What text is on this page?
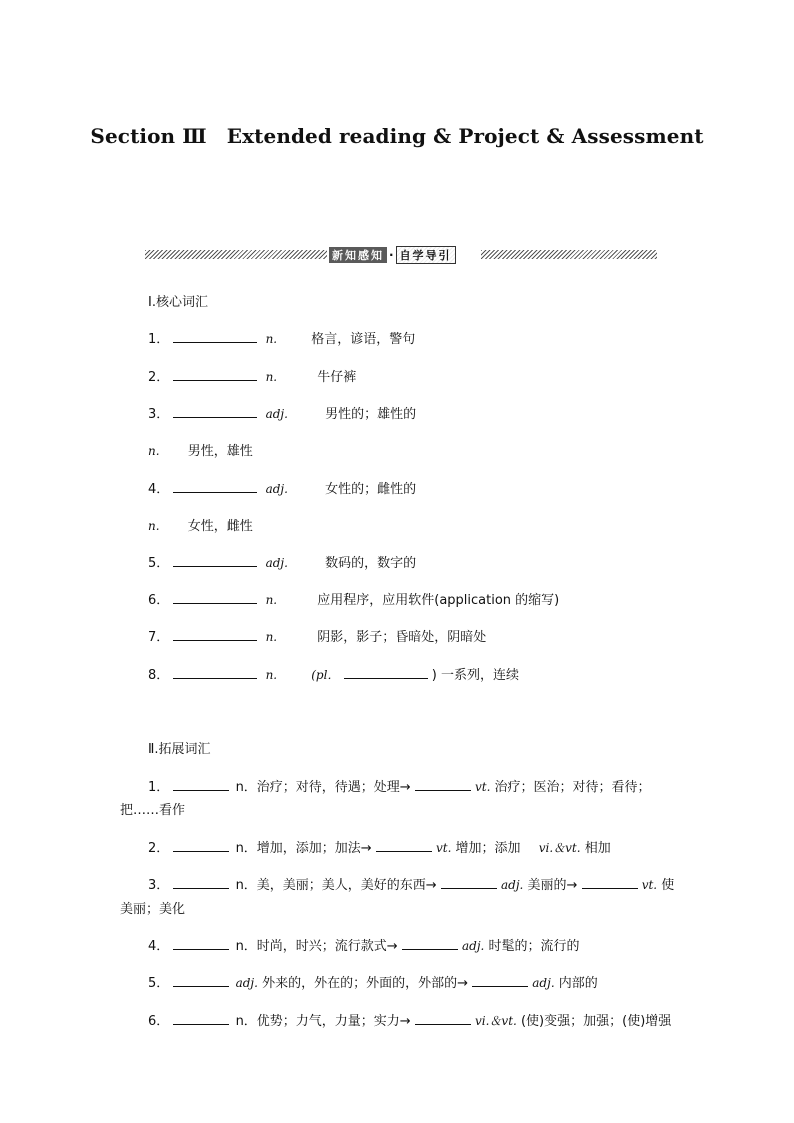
Section Ⅲ　Extended reading & Project & Assessment
新知感知 · 自学导引
Ⅰ.核心词汇
1．	n.	格言，谚语，警句
2．	n.	牛仔裤
3．	adj.	男性的；雄性的
n. 男性，雄性
4．	adj.	女性的；雌性的
n. 女性，雌性
5．	adj.	数码的，数字的
6．	n.	应用程序，应用软件(application 的缩写)
7．	n.	阴影，影子；昏暗处，阴暗处
8．	n.	(pl．	) 一系列，连续
Ⅱ.拓展词汇
1．	n．治疗；对待，待遇；处理→	vt. 治疗；医治；对待；看待；
把……看作
2．	n．增加，添加；加法→	vt. 增加；添加 vi.＆vt. 相加
3．	n．美，美丽；美人，美好的东西→	adj. 美丽的→	vt. 使
美丽；美化
4．	n．时尚，时兴；流行款式→	adj. 时髦的；流行的
5．	adj. 外来的，外在的；外面的，外部的→	adj. 内部的
6．	n．优势；力气，力量；实力→	vi.＆vt. (使)变强；加强；(使)增强
